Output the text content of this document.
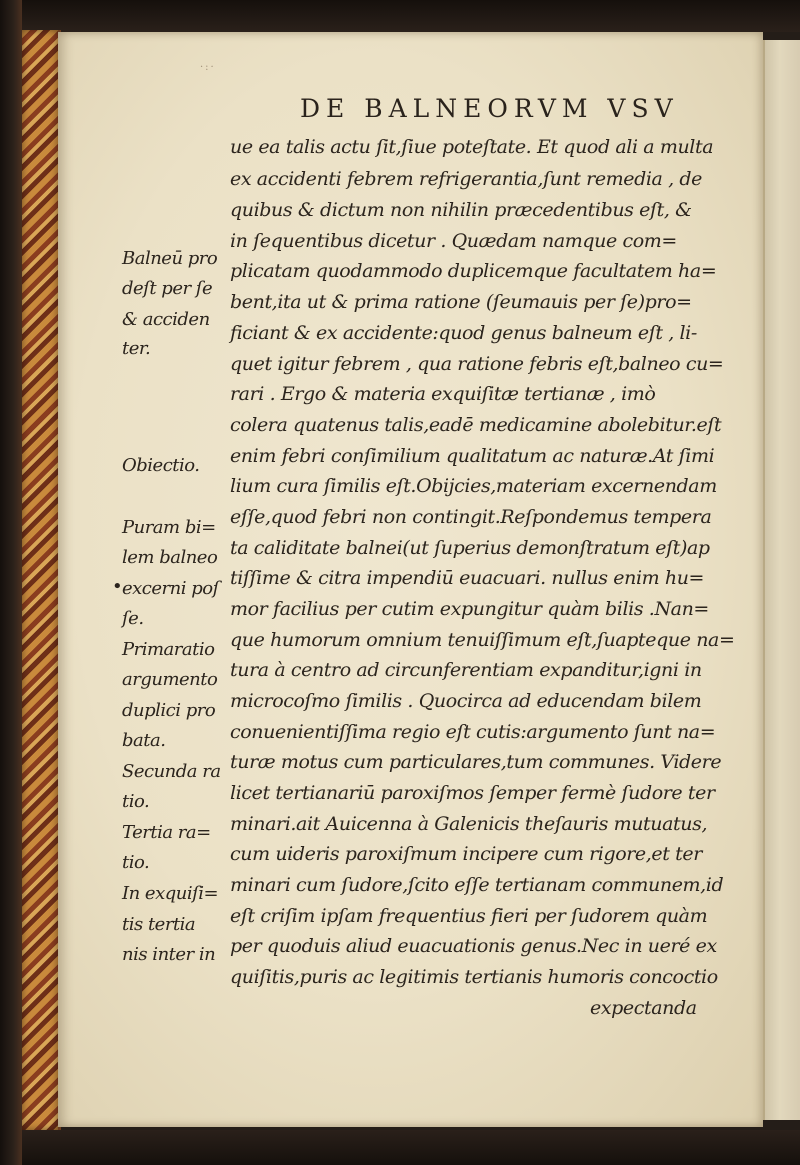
·:·
DE BALNEORVM VSV
ue ea talis actu ſit,ſiue poteſtate. Et quod ali a multa
ex accidenti febrem refrigerantia,ſunt remedia , de
quibus & dictum non nihilin præcedentibus eſt, &
in ſequentibus dicetur . Quædam namque com=
plicatam quodammodo duplicemque facultatem ha=
bent,ita ut & prima ratione (ſeumauis per ſe)pro=
ficiant & ex accidente:quod genus balneum eſt , li-
quet igitur febrem , qua ratione febris eſt,balneo cu=
rari . Ergo & materia exquiſitæ tertianæ , imò
colera quatenus talis,eadē medicamine abolebitur.eſt
enim febri conſimilium qualitatum ac naturæ.At ſimi
lium cura ſimilis eſt.Obijcies,materiam excernendam
eſſe,quod febri non contingit.Reſpondemus tempera
ta caliditate balnei(ut ſuperius demonſtratum eſt)ap
tiſſime & citra impendiū euacuari. nullus enim hu=
mor facilius per cutim expungitur quàm bilis .Nan=
que humorum omnium tenuiſſimum eſt,ſuapteque na=
tura à centro ad circunferentiam expanditur,igni in
microcoſmo ſimilis . Quocirca ad educendam bilem
conuenientiſſima regio eſt cutis:argumento ſunt na=
turæ motus cum particulares,tum communes. Videre
licet tertianariū paroxiſmos ſemper fermè ſudore ter
minari.ait Auicenna à Galenicis theſauris mutuatus,
cum uideris paroxiſmum incipere cum rigore,et ter
minari cum ſudore,ſcito eſſe tertianam communem,id
eſt criſim ipſam frequentius fieri per ſudorem quàm
per quoduis aliud euacuationis genus.Nec in ueré ex
quiſitis,puris ac legitimis tertianis humoris concoctio
expectanda
Balneū pro
deſt per ſe
& acciden
ter.
Obiectio.
Puram bi=
lem balneo
excerni poſ
ſe.
Primaratio
argumento
duplici pro
bata.
Secunda ra
tio.
Tertia ra=
tio.
In exquiſi=
tis tertia
nis inter in
•
